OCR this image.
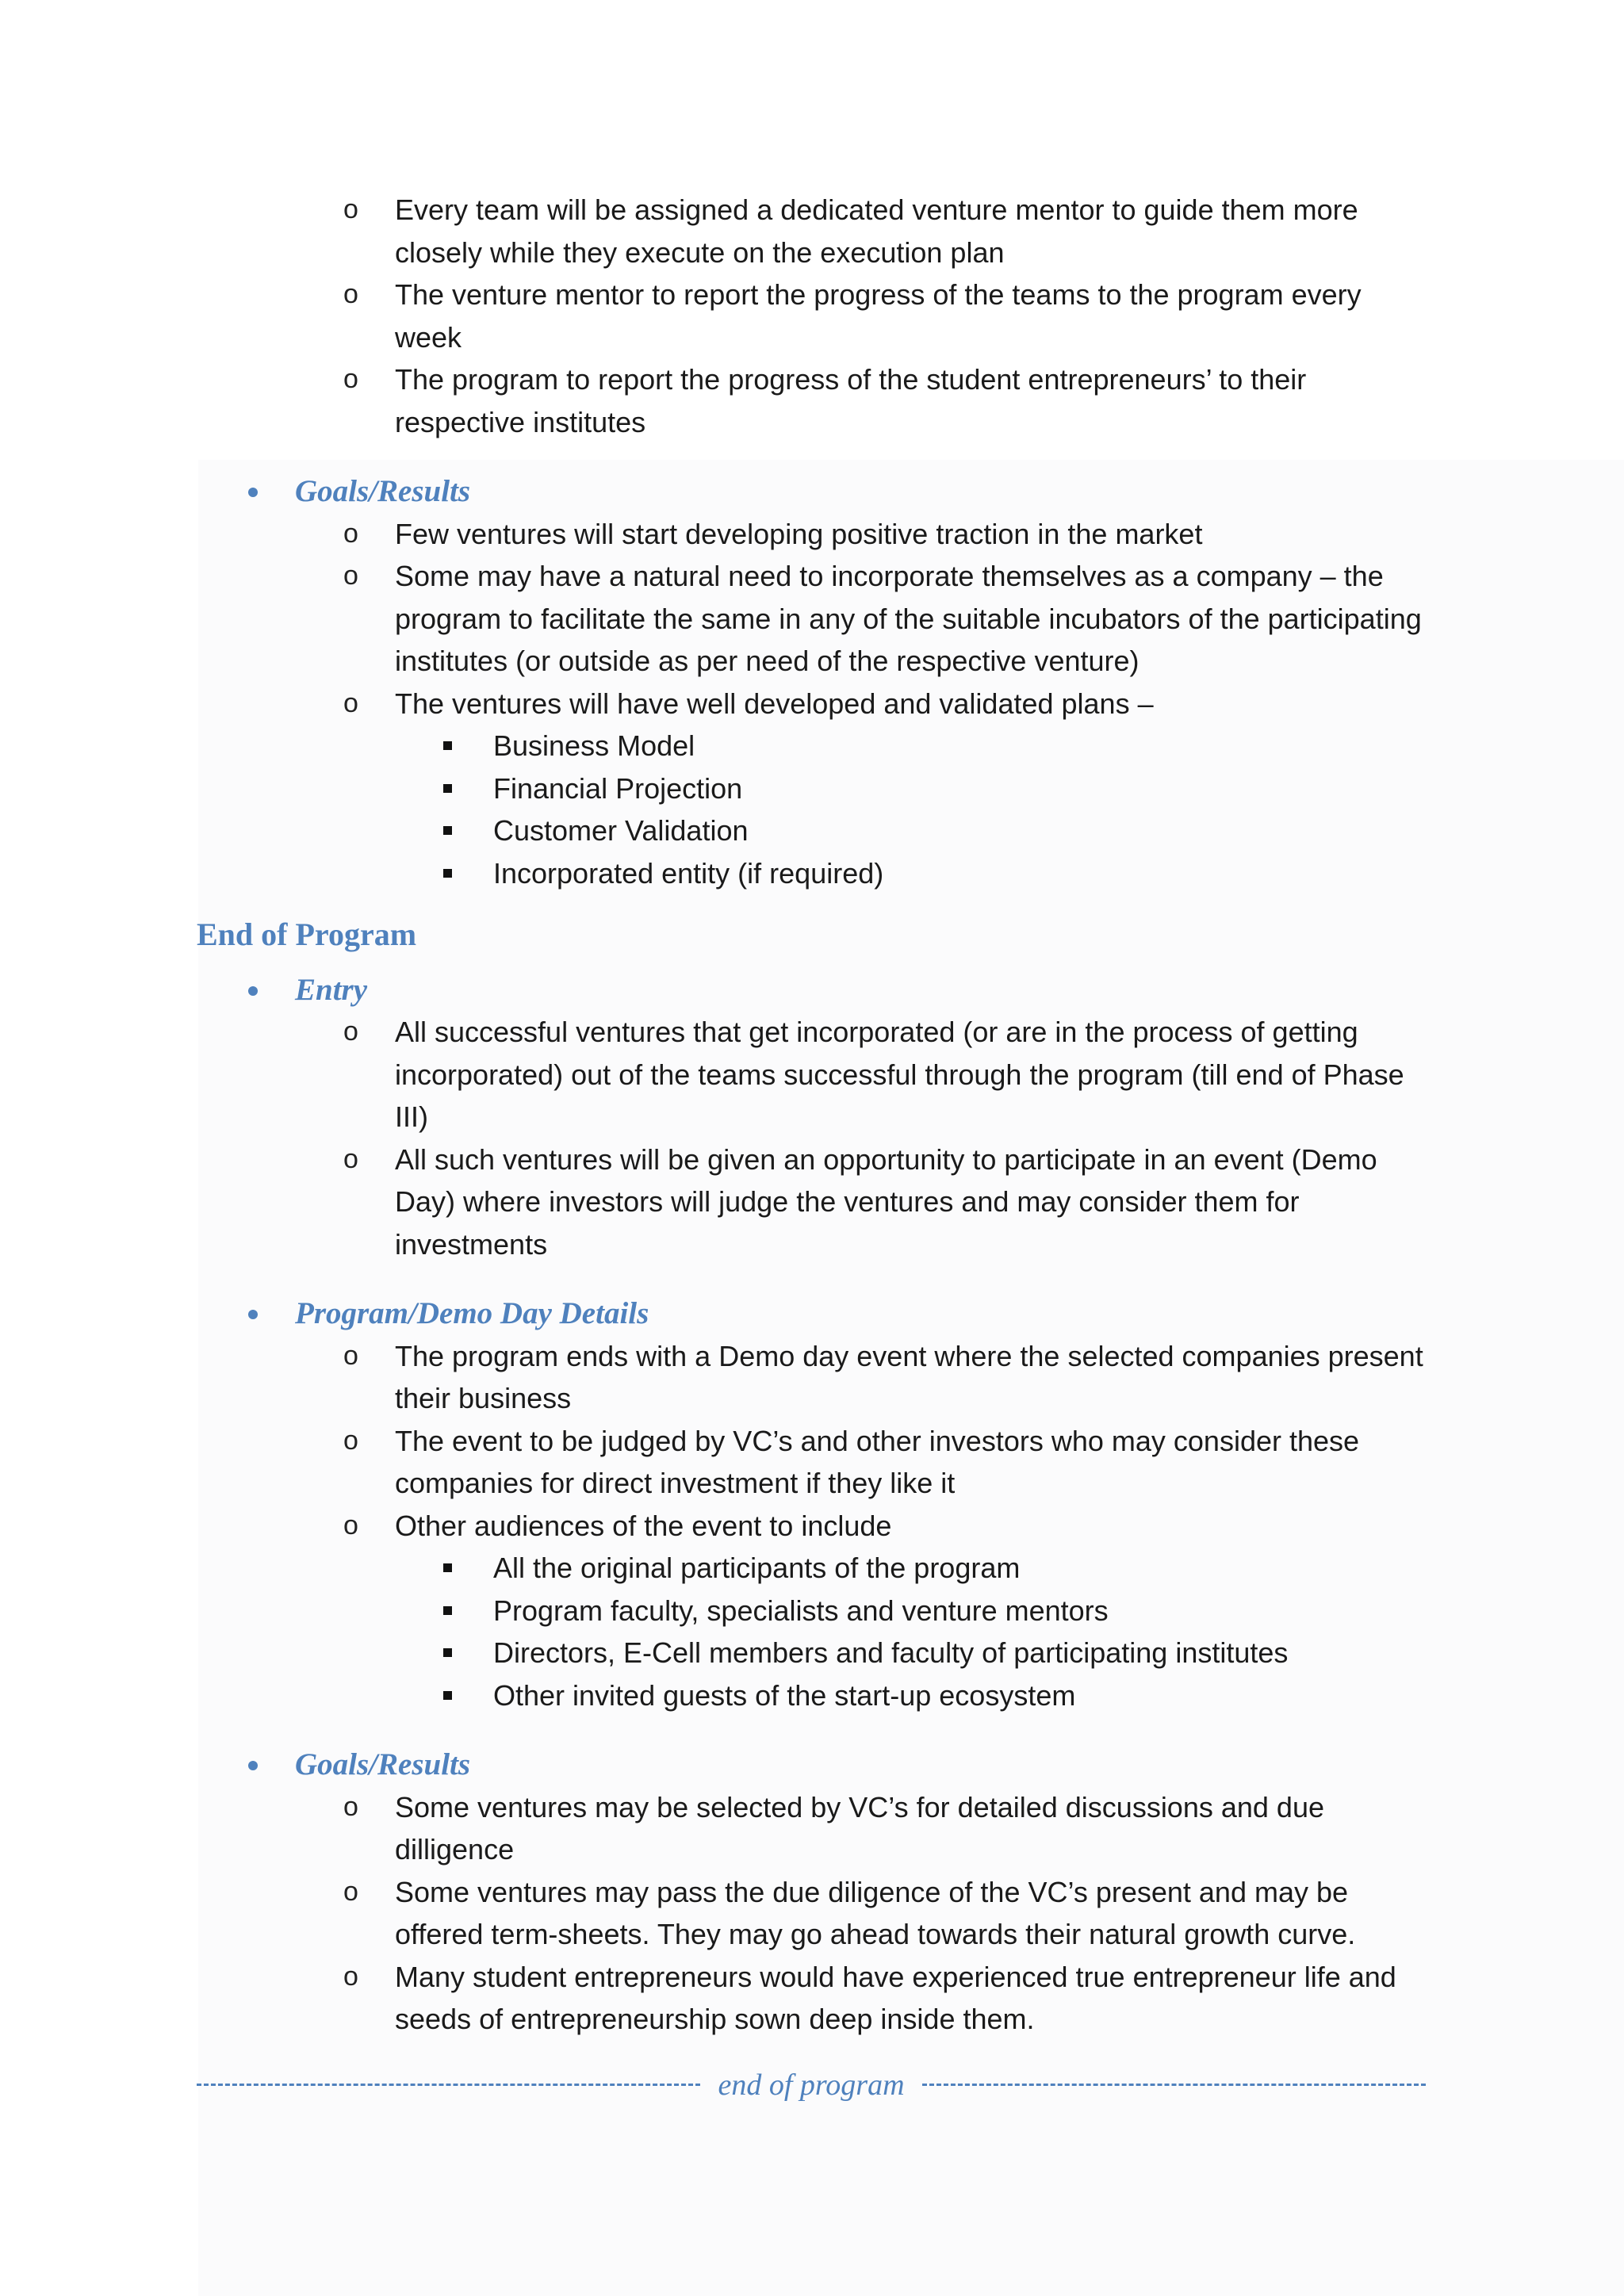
o Every team will be assigned a dedicated venture mentor to guide them more closely while they execute on the execution plan
o The venture mentor to report the progress of the teams to the program every week
o The program to report the progress of the student entrepreneurs’ to their respective institutes
Goals/Results
o Few ventures will start developing positive traction in the market
o Some may have a natural need to incorporate themselves as a company – the program to facilitate the same in any of the suitable incubators of the participating institutes (or outside as per need of the respective venture)
o The ventures will have well developed and validated plans –
Business Model
Financial Projection
Customer Validation
Incorporated entity (if required)
End of Program
Entry
o All successful ventures that get incorporated (or are in the process of getting incorporated) out of the teams successful through the program (till end of Phase III)
o All such ventures will be given an opportunity to participate in an event (Demo Day) where investors will judge the ventures and may consider them for investments
Program/Demo Day Details
o The program ends with a Demo day event where the selected companies present their business
o The event to be judged by VC’s and other investors who may consider these companies for direct investment if they like it
o Other audiences of the event to include
All the original participants of the program
Program faculty, specialists and venture mentors
Directors, E-Cell members and faculty of participating institutes
Other invited guests of the start-up ecosystem
Goals/Results
o Some ventures may be selected by VC’s for detailed discussions and due dilligence
o Some ventures may pass the due diligence of the VC’s present and may be offered term-sheets. They may go ahead towards their natural growth curve.
o Many student entrepreneurs would have experienced true entrepreneur life and seeds of entrepreneurship sown deep inside them.
end of program
